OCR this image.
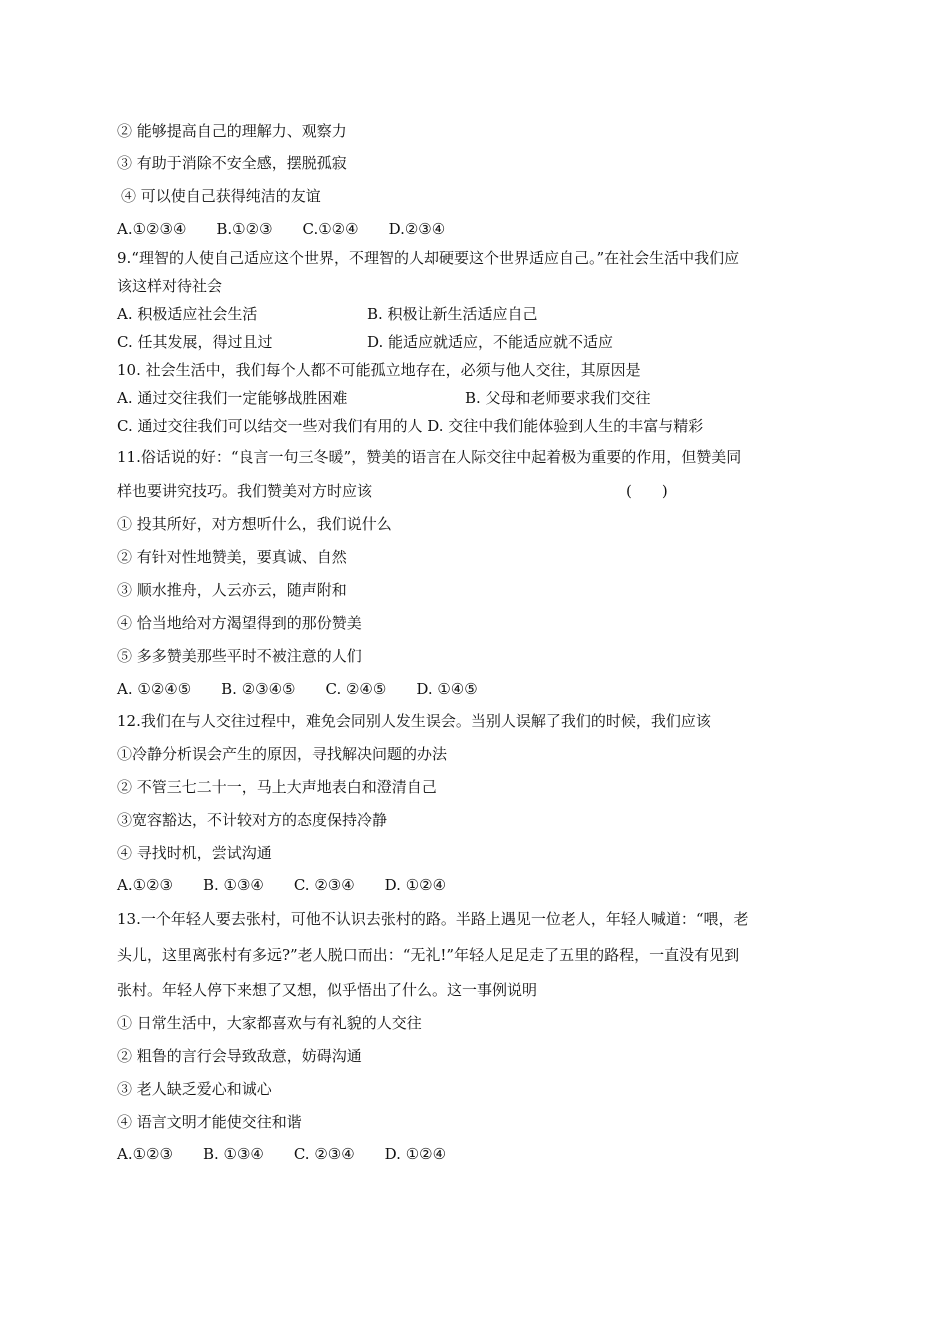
② 能够提高自己的理解力、观察力
③ 有助于消除不安全感，摆脱孤寂
④ 可以使自己获得纯洁的友谊
A.①②③④　　B.①②③　　C.①②④　　D.②③④
9.“理智的人使自己适应这个世界，不理智的人却硬要这个世界适应自己。”在社会生活中我们应
该这样对待社会
A. 积极适应社会生活	B. 积极让新生活适应自己
C. 任其发展，得过且过	D. 能适应就适应，不能适应就不适应
10. 社会生活中，我们每个人都不可能孤立地存在，必须与他人交往，其原因是
A. 通过交往我们一定能够战胜困难	B. 父母和老师要求我们交往
C. 通过交往我们可以结交一些对我们有用的人 D. 交往中我们能体验到人生的丰富与精彩
11.俗话说的好：“良言一句三冬暖”，赞美的语言在人际交往中起着极为重要的作用，但赞美同
样也要讲究技巧。我们赞美对方时应该	(　　)
① 投其所好，对方想听什么，我们说什么
② 有针对性地赞美，要真诚、自然
③ 顺水推舟，人云亦云，随声附和
④ 恰当地给对方渴望得到的那份赞美
⑤ 多多赞美那些平时不被注意的人们
A. ①②④⑤　　B. ②③④⑤　　C. ②④⑤　　D. ①④⑤
12.我们在与人交往过程中，难免会同别人发生误会。当别人误解了我们的时候，我们应该
①冷静分析误会产生的原因，寻找解决问题的办法
② 不管三七二十一，马上大声地表白和澄清自己
③宽容豁达，不计较对方的态度保持冷静
④ 寻找时机，尝试沟通
A.①②③　　B. ①③④　　C. ②③④　　D. ①②④
13.一个年轻人要去张村，可他不认识去张村的路。半路上遇见一位老人，年轻人喊道：“喂，老
头儿，这里离张村有多远?”老人脱口而出：“无礼!”年轻人足足走了五里的路程，一直没有见到
张村。年轻人停下来想了又想，似乎悟出了什么。这一事例说明
① 日常生活中，大家都喜欢与有礼貌的人交往
② 粗鲁的言行会导致敌意，妨碍沟通
③ 老人缺乏爱心和诚心
④ 语言文明才能使交往和谐
A.①②③　　B. ①③④　　C. ②③④　　D. ①②④
